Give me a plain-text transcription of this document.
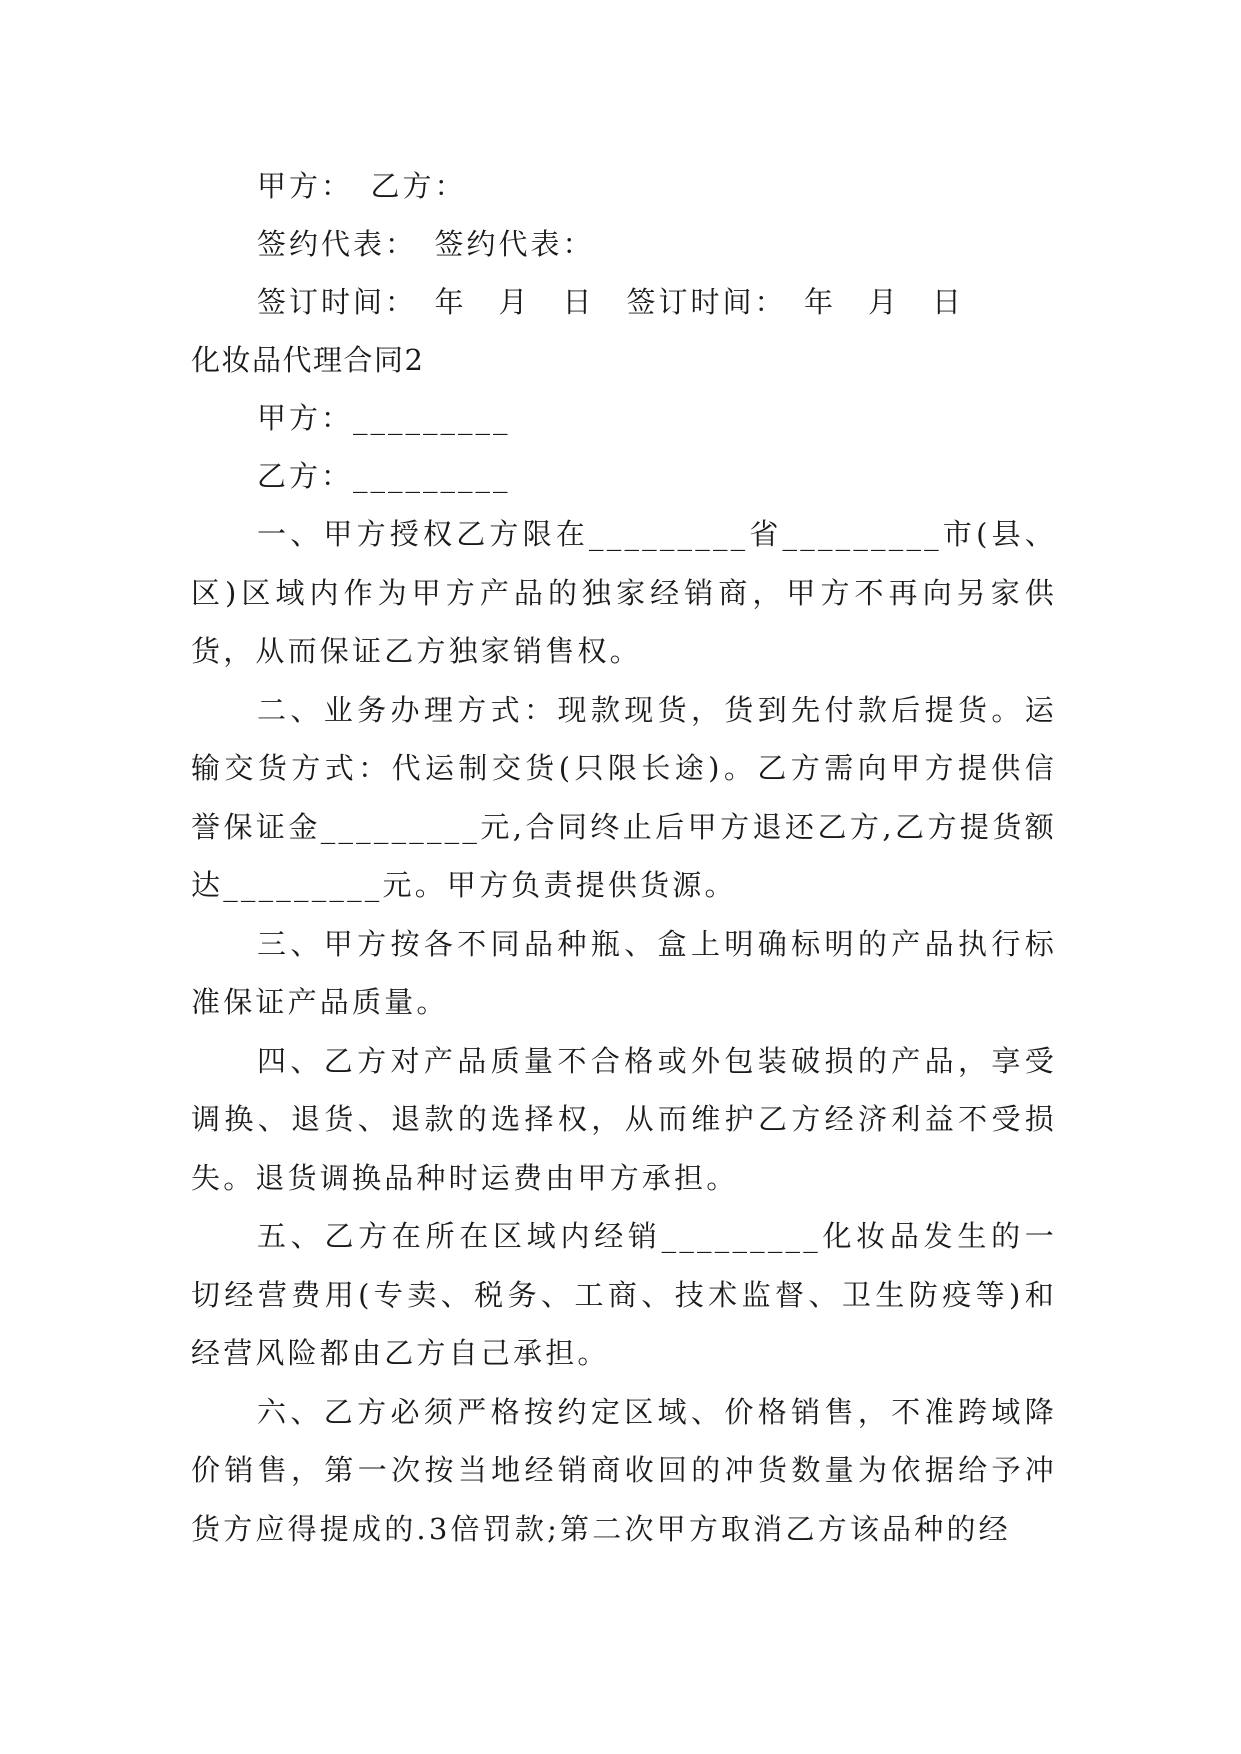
甲方：　乙方：
签约代表：　签约代表：
签订时间：　年　月　日　签订时间：　年　月　日
化妆品代理合同2
甲方：_________
乙方：_________

一、甲方授权乙方限在_________省_________市(县、区)区域内作为甲方产品的独家经销商，甲方不再向另家供货，从而保证乙方独家销售权。

二、业务办理方式：现款现货，货到先付款后提货。运输交货方式：代运制交货(只限长途)。乙方需向甲方提供信誉保证金_________元,合同终止后甲方退还乙方,乙方提货额达_________元。甲方负责提供货源。

三、甲方按各不同品种瓶、盒上明确标明的产品执行标准保证产品质量。

四、乙方对产品质量不合格或外包装破损的产品，享受调换、退货、退款的选择权，从而维护乙方经济利益不受损失。退货调换品种时运费由甲方承担。

五、乙方在所在区域内经销_________化妆品发生的一切经营费用(专卖、税务、工商、技术监督、卫生防疫等)和经营风险都由乙方自己承担。

六、乙方必须严格按约定区域、价格销售，不准跨域降价销售，第一次按当地经销商收回的冲货数量为依据给予冲货方应得提成的.3倍罚款;第二次甲方取消乙方该品种的经
